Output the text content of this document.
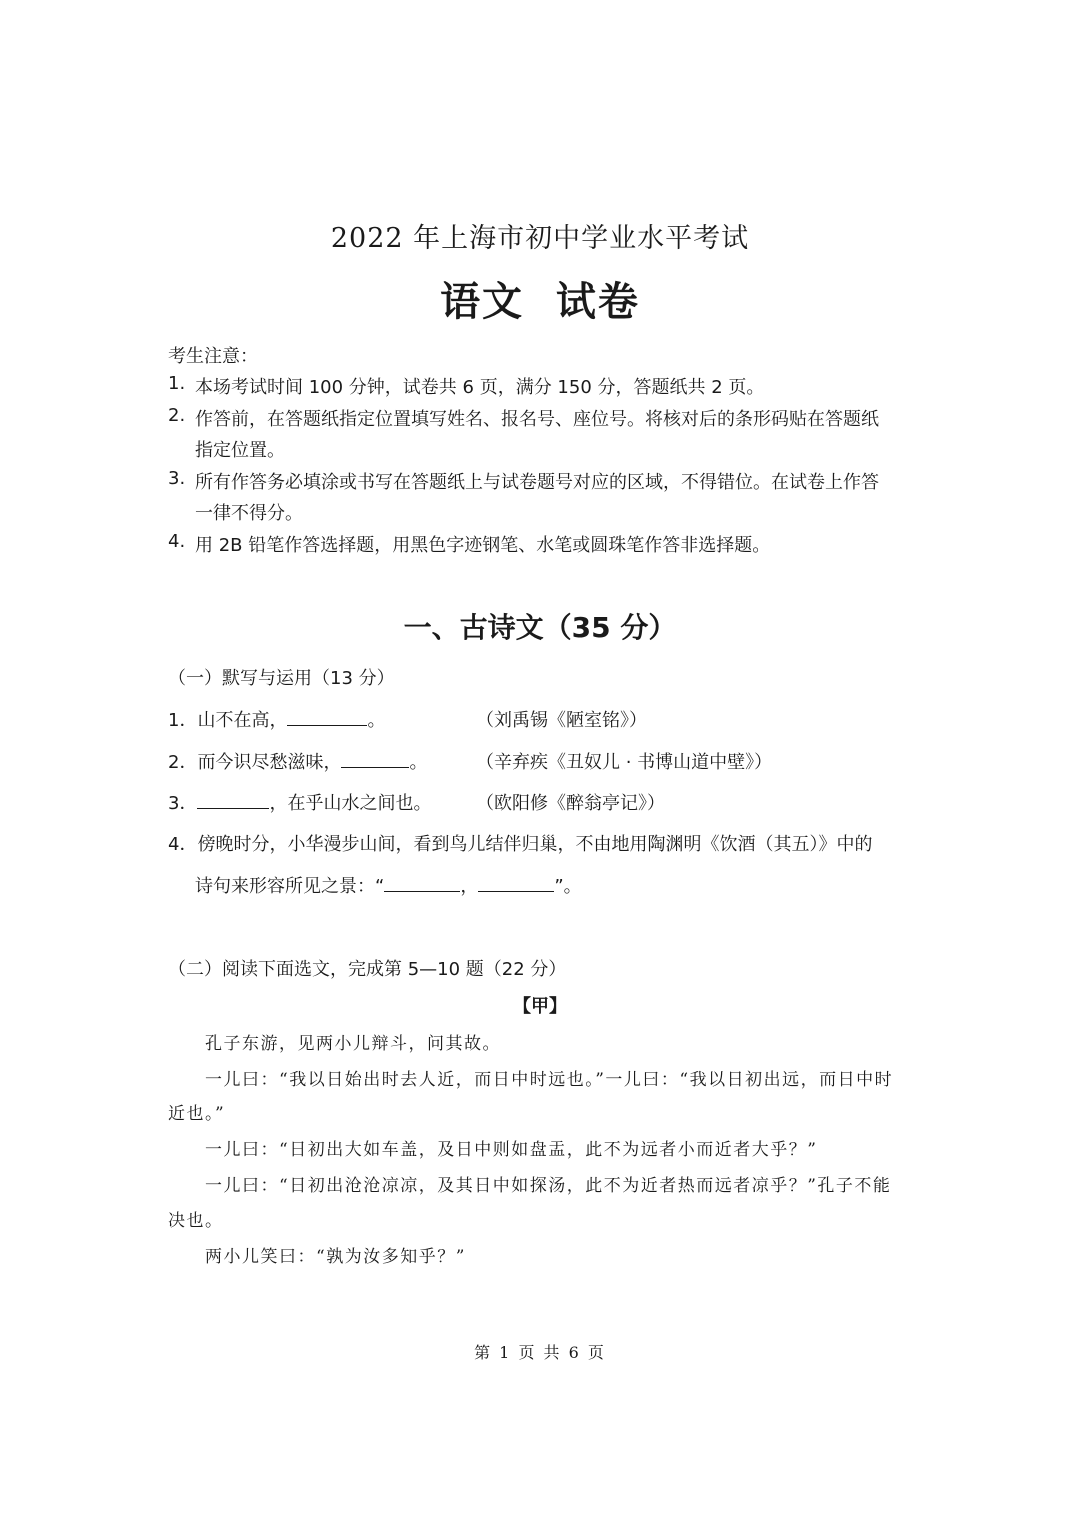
2022 年上海市初中学业水平考试
语文  试卷
考生注意：
1. 本场考试时间 100 分钟，试卷共 6 页，满分 150 分，答题纸共 2 页。
2. 作答前，在答题纸指定位置填写姓名、报名号、座位号。将核对后的条形码贴在答题纸
指定位置。
3. 所有作答务必填涂或书写在答题纸上与试卷题号对应的区域，不得错位。在试卷上作答
一律不得分。
4. 用 2B 铅笔作答选择题，用黑色字迹钢笔、水笔或圆珠笔作答非选择题。
一、古诗文（35 分）
（一）默写与运用（13 分）
1．山不在高，	。	（刘禹锡《陋室铭》）
2．而今识尽愁滋味，	。	（辛弃疾《丑奴儿 · 书博山道中壁》）
3．	，在乎山水之间也。 （欧阳修《醉翁亭记》）
4．傍晚时分，小华漫步山间，看到鸟儿结伴归巢，不由地用陶渊明《饮酒（其五）》中的
诗句来形容所见之景：“	，	”。
（二）阅读下面选文，完成第 5—10 题（22 分）
【甲】
孔子东游，见两小儿辩斗，问其故。
一儿曰：“我以日始出时去人近，而日中时远也。”一儿曰：“我以日初出远，而日中时
近也。”
一儿曰：“日初出大如车盖，及日中则如盘盂，此不为远者小而近者大乎？”
一儿曰：“日初出沧沧凉凉，及其日中如探汤，此不为近者热而远者凉乎？”孔子不能
决也。
两小儿笑曰：“孰为汝多知乎？”
第 1 页 共 6 页
